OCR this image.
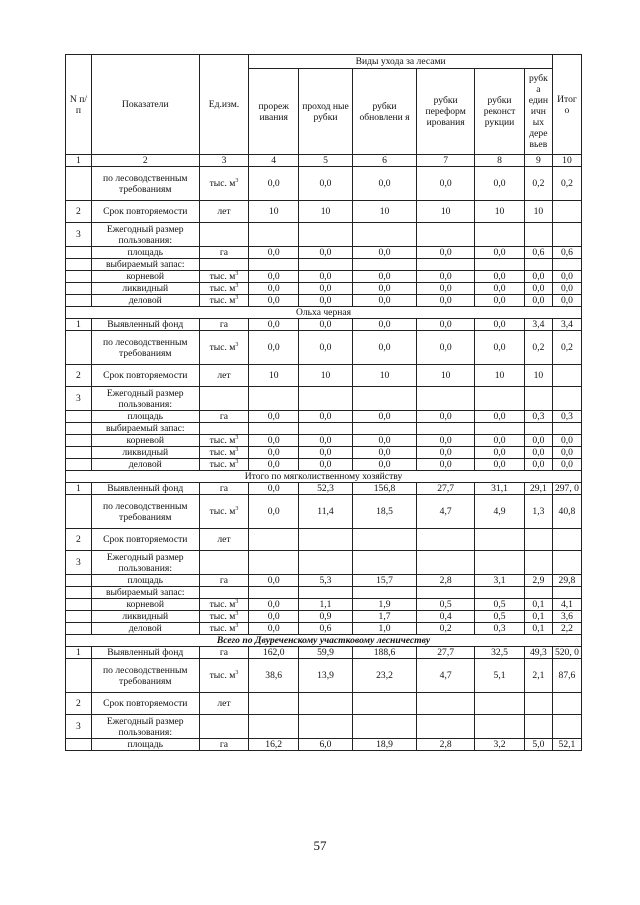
N п/п	Показатели	Ед.изм.	Виды ухода за лесами						Итог о
			прореж ивания	проход ные рубки	рубки обновлени я	рубки переформ ирования	рубки реконст рукции	рубк а един ичн ых дере вьев	
1	2	3	4	5	6	7	8	9	10
	по лесоводственным требованиям	тыс. $м^3$	0,0	0,0	0,0	0,0	0,0	0,2	0,2
2	Срок повторяемости	лет	10	10	10	10	10	10	
3	Ежегодный размер пользования:								
	площадь	га	0,0	0,0	0,0	0,0	0,0	0,6	0,6
	выбираемый запас:								
	корневой	тыс. $м^3$	0,0	0,0	0,0	0,0	0,0	0,0	0,0
	ликвидный	тыс. $м^3$	0,0	0,0	0,0	0,0	0,0	0,0	0,0
	деловой	тыс. $м^3$	0,0	0,0	0,0	0,0	0,0	0,0	0,0
Ольха черная									
1	Выявленный фонд	га	0,0	0,0	0,0	0,0	0,0	3,4	3,4
	по лесоводственным требованиям	тыс. $м^3$	0,0	0,0	0,0	0,0	0,0	0,2	0,2
2	Срок повторяемости	лет	10	10	10	10	10	10	
3	Ежегодный размер пользования:								
	площадь	га	0,0	0,0	0,0	0,0	0,0	0,3	0,3
	выбираемый запас:								
	корневой	тыс. $м^3$	0,0	0,0	0,0	0,0	0,0	0,0	0,0
	ликвидный	тыс. $м^3$	0,0	0,0	0,0	0,0	0,0	0,0	0,0
	деловой	тыс. $м^3$	0,0	0,0	0,0	0,0	0,0	0,0	0,0
Итого по мягколиственному хозяйству									
1	Выявленный фонд	га	0,0	52,3	156,8	27,7	31,1	29,1	297, 0
	по лесоводственным требованиям	тыс. $м^3$	0,0	11,4	18,5	4,7	4,9	1,3	40,8
2	Срок повторяемости	лет							
3	Ежегодный размер пользования:								
	площадь	га	0,0	5,3	15,7	2,8	3,1	2,9	29,8
	выбираемый запас:								
	корневой	тыс. $м^3$	0,0	1,1	1,9	0,5	0,5	0,1	4,1
	ликвидный	тыс. $м^3$	0,0	0,9	1,7	0,4	0,5	0,1	3,6
	деловой	тыс. $м^3$	0,0	0,6	1,0	0,2	0,3	0,1	2,2
Всего по Двуреченскому участковому лесничеству									
1	Выявленный фонд	га	162,0	59,9	188,6	27,7	32,5	49,3	520, 0
	по лесоводственным требованиям	тыс. $м^3$	38,6	13,9	23,2	4,7	5,1	2,1	87,6
2	Срок повторяемости	лет							
3	Ежегодный размер пользования:								
	площадь	га	16,2	6,0	18,9	2,8	3,2	5,0	52,1
57
